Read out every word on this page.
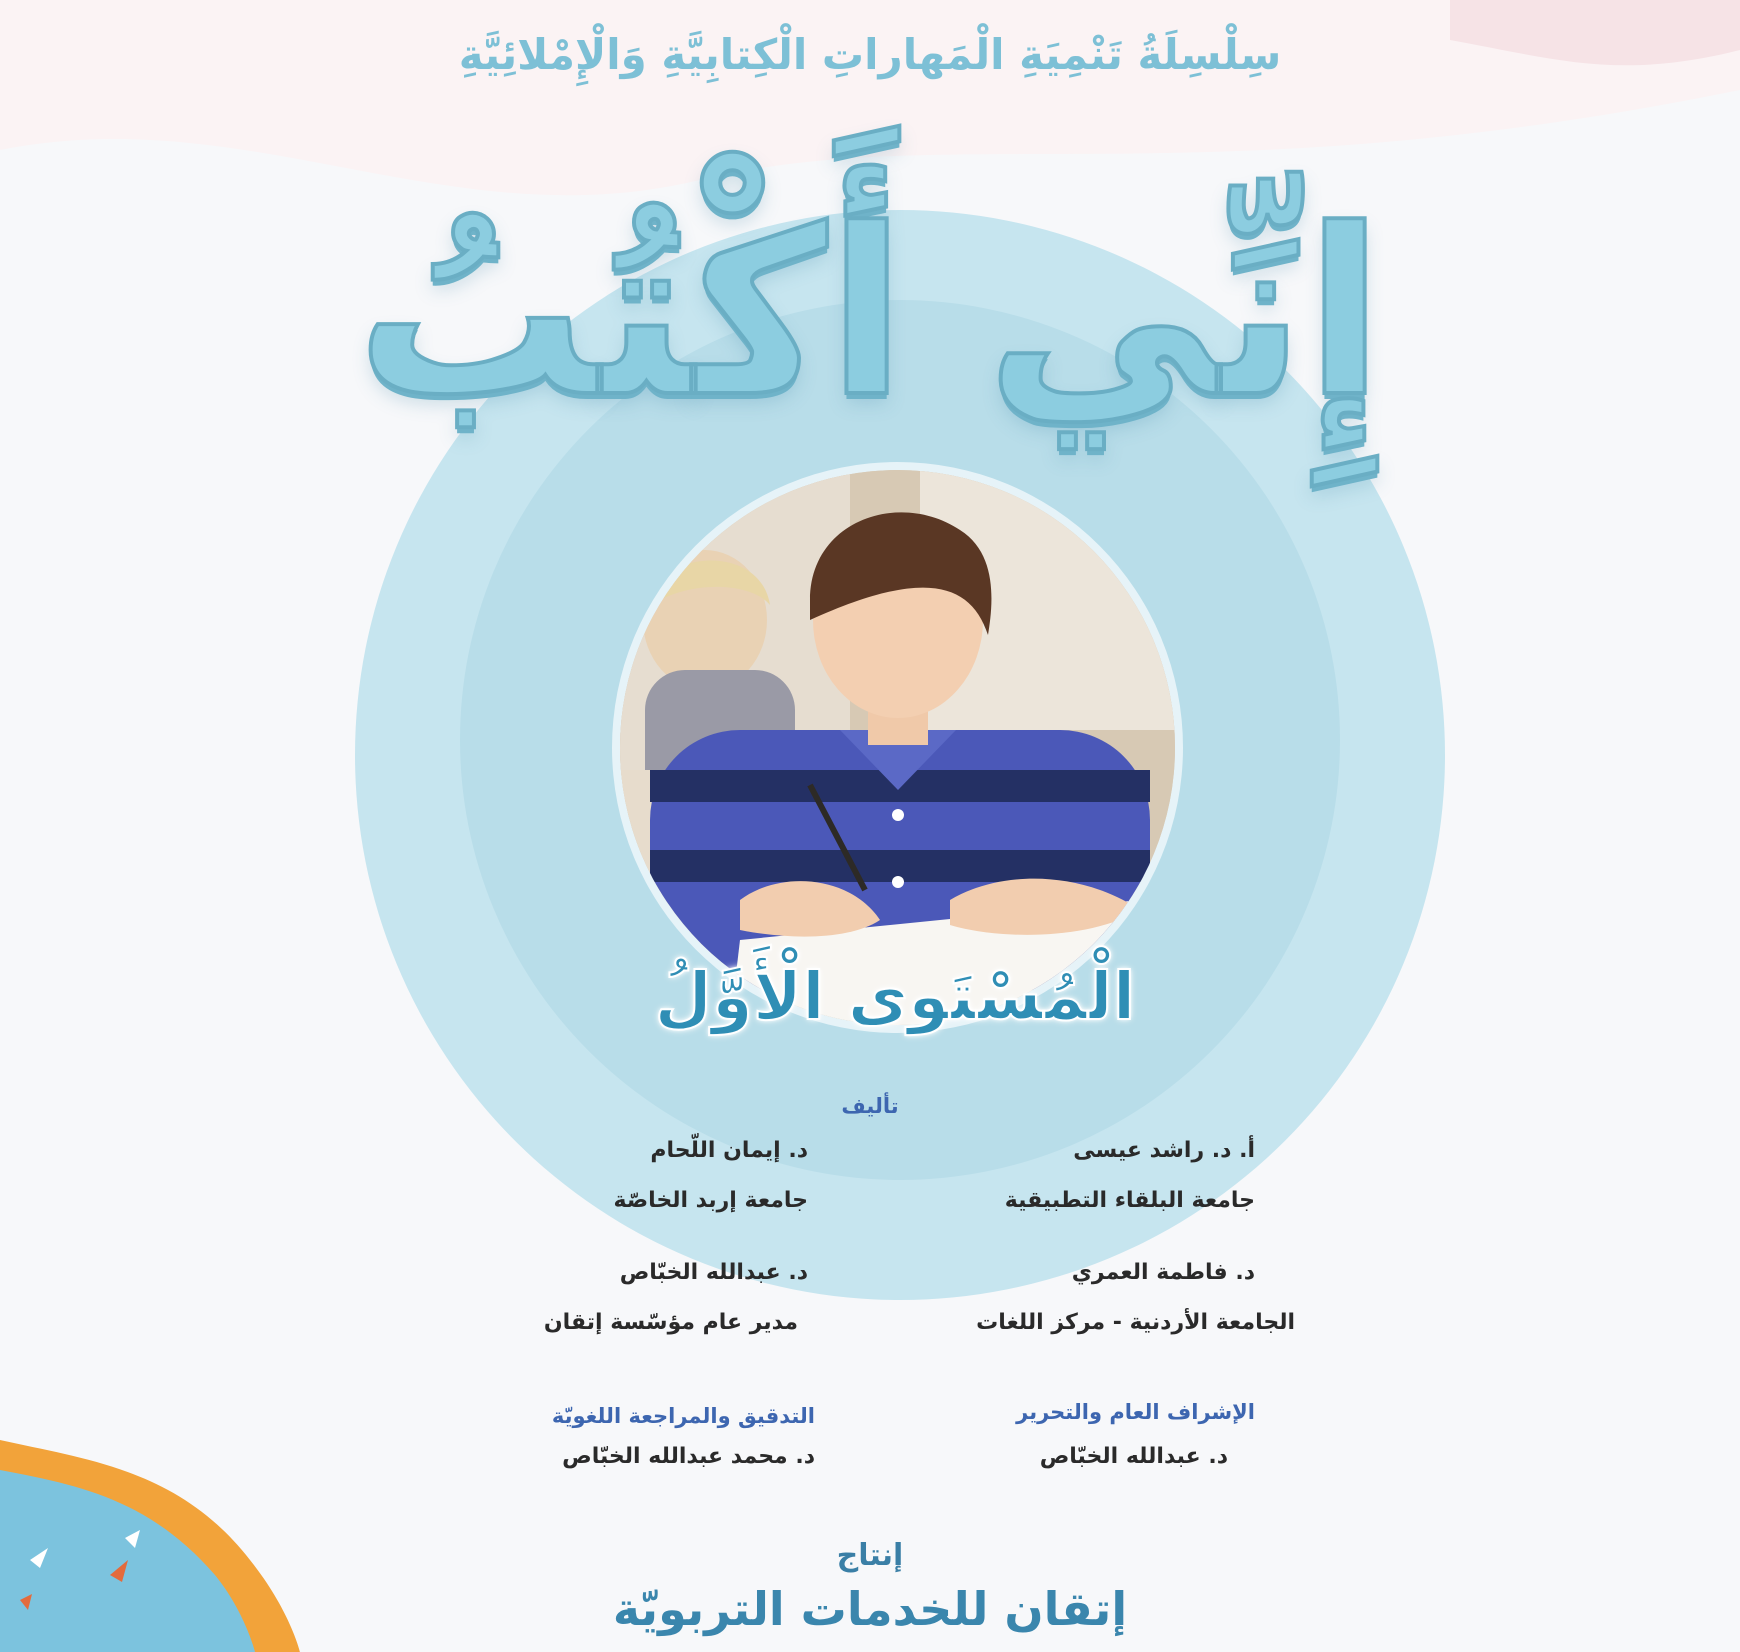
سِلْسِلَةُ تَنْمِيَةِ الْمَهاراتِ الْكِتابِيَّةِ وَالْإِمْلائِيَّةِ
إِنِّي أَكْتُبُ
الْمُسْتَوى الْأَوَّلُ
تأليف
أ. د. راشد عيسى
جامعة البلقاء التطبيقية
د. إيمان اللّحام
جامعة إربد الخاصّة
د. فاطمة العمري
الجامعة الأردنية - مركز اللغات
د. عبدالله الخبّاص
مدير عام مؤسّسة إتقان
الإشراف العام والتحرير
د. عبدالله الخبّاص
التدقيق والمراجعة اللغويّة
د. محمد عبدالله الخبّاص
إنتاج
إتقان للخدمات التربويّة
